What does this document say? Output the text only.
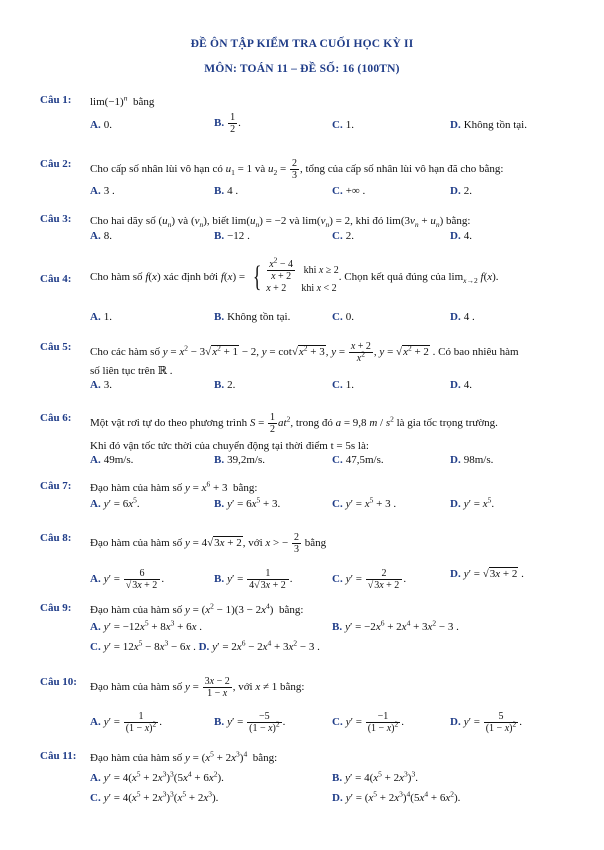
ĐỀ ÔN TẬP KIỂM TRA CUỐI HỌC KỲ II
MÔN: TOÁN 11 – ĐỀ SỐ: 16 (100TN)
Câu 1: $\lim(-1)^n$ bằng
A. 0.	B. $\frac{1}{2}$ .	C. 1.	D. Không tồn tại.
Câu 2: Cho cấp số nhân lùi vô hạn có $u_1 = 1$ và $u_2 = \frac{2}{3}$ , tổng của cấp số nhân lùi vô hạn đã cho bằng:
A. 3 .	B. 4 .	C. +∞ .	D. 2.
Câu 3: Cho hai dãy số $(u_n)$ và $(v_n)$, biết $\lim(u_n) = -2$ và $\lim(v_n) = 2$, khi đó $\lim(3v_n + u_n)$ bằng:
A. 8.	B. −12 .	C. 2.	D. 4.
Câu 4: Cho hàm số f(x) xác định bởi f(x) = { $\frac{x^2 - 4}{x + 2}$ khi x ≥ 2
x + 2      khi x < 2
. Chọn kết quả đúng của $\lim_{x\to 2} f(x)$.
A. 1.	B. Không tồn tại.	C. 0.	D. 4 .
Câu 5: Cho các hàm số $y = x^2 - 3√x^2 + 1 - 2$, $y = \cot√x^2 + 3$, $y = \frac{x + 2}{x^2}$ , $y = √x^2 + 2$ . Có bao nhiêu hàm
số liên tục trên ℝ .
A. 3.	B. 2.	C. 1.	D. 4.
Câu 6: Một vật rơi tự do theo phương trình $S = \frac{1}{2} at^2$, trong đó a = 9,8 m / $s^2$ là gia tốc trọng trường.
Khi đó vận tốc tức thời của chuyển động tại thời điểm t = 5s là:
A. 49m/s.	B. 39,2m/s.	C. 47,5m/s.	D. 98m/s.
Câu 7: Đạo hàm của hàm số $y = x^6 + 3$  bằng:
A. $y' = 6x^5$.	B. $y' = 6x^5 + 3$.	C. $y' = x^5 + 3$ .	D. $y' = x^5$.
Câu 8: Đạo hàm của hàm số y = 4√3x + 2, với x > − $\frac{2}{3}$ bằng
A. $y' = \frac{6}{√3x + 2}$ .	B. $y' = \frac{1}{4√3x + 2}$ .	C. $y' = \frac{2}{√3x + 2}$ .	D. y′ = √3x + 2 .
Câu 9: Đạo hàm của hàm số $y = (x^2 - 1)(3 - 2x^4)$  bằng:
A. $y' = -12x^5 + 8x^3 + 6x$ .	B. $y' = -2x^6 + 2x^4 + 3x^2 - 3$ .
C. $y' = 12x^5 - 8x^3 - 6x$ . D. $y' = 2x^6 - 2x^4 + 3x^2 - 3$ .
Câu 10: Đạo hàm của hàm số $y = \frac{3x - 2}{1 - x}$ , với x ≠ 1 bằng:
A. $y' = \frac{1}{(1 - x)^2}$ .	B. $y' = \frac{-5}{(1 - x)^2}$ .	C. $y' = \frac{-1}{(1 - x)^2}$ .	D. $y' = \frac{5}{(1 - x)^2}$ .
Câu 11: Đạo hàm của hàm số $y = (x^5 + 2x^3)^4$ bằng:
A. $y' = 4(x^5 + 2x^3)^3(5x^4 + 6x^2)$.	B. $y' = 4(x^5 + 2x^3)^3$.
C. $y' = 4(x^5 + 2x^3)^3(x^5 + 2x^3)$.	D. $y' = (x^5 + 2x^3)^4(5x^4 + 6x^2)$.
